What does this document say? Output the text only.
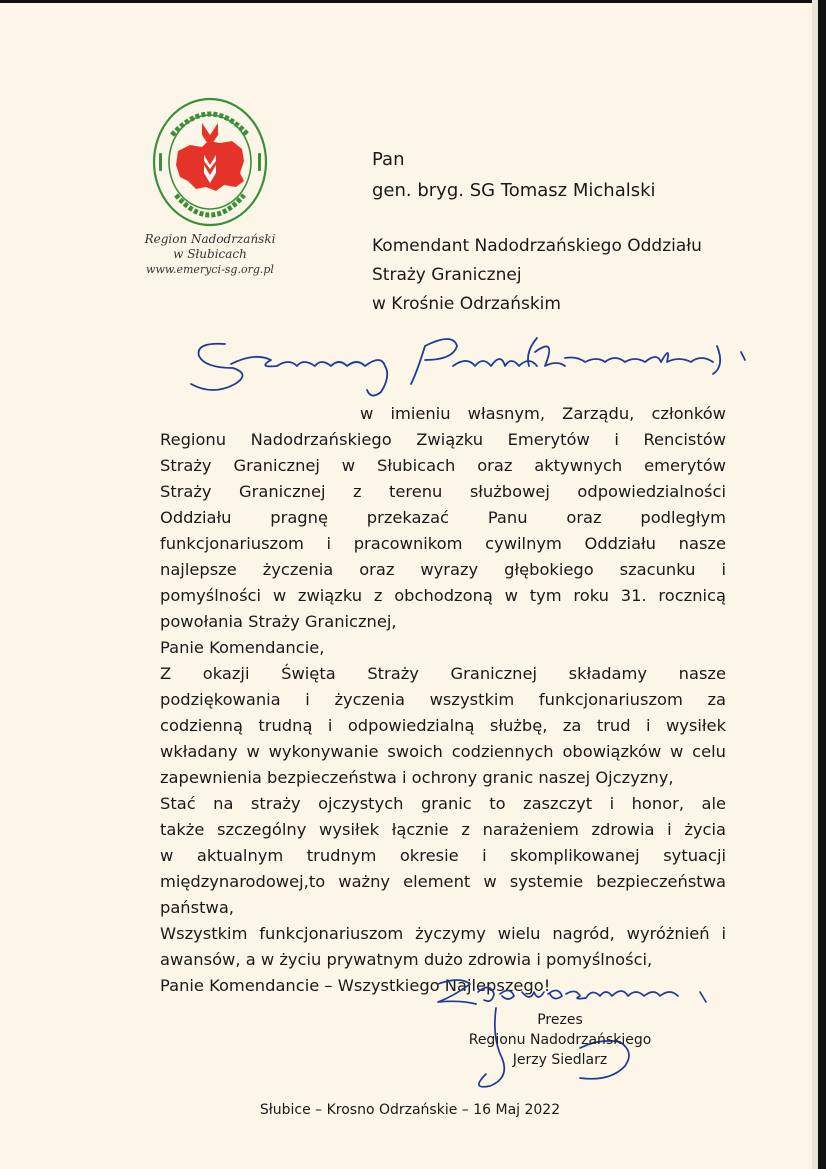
Region Nadodrzański
w Słubicach
www.emeryci-sg.org.pl
Pan
gen. bryg. SG Tomasz Michalski
Komendant Nadodrzańskiego Oddziału
Straży Granicznej
w Krośnie Odrzańskim

w imieniu własnym, Zarządu, członków

Regionu Nadodrzańskiego Związku Emerytów i Rencistów

Straży Granicznej w Słubicach oraz aktywnych emerytów

Straży Granicznej z terenu służbowej odpowiedzialności

Oddziału pragnę przekazać Panu oraz podległym

funkcjonariuszom i pracownikom cywilnym Oddziału nasze

najlepsze życzenia oraz wyrazy głębokiego szacunku i

pomyślności w związku z obchodzoną w tym roku 31. rocznicą

powołania Straży Granicznej,

Panie Komendancie,

Z okazji Święta Straży Granicznej składamy nasze

podziękowania i życzenia wszystkim funkcjonariuszom za

codzienną trudną i odpowiedzialną służbę, za trud i wysiłek

wkładany w wykonywanie swoich codziennych obowiązków w celu

zapewnienia bezpieczeństwa i ochrony granic naszej Ojczyzny,

Stać na straży ojczystych granic to zaszczyt i honor, ale

także szczególny wysiłek łącznie z narażeniem zdrowia i życia

w aktualnym trudnym okresie i skomplikowanej sytuacji

międzynarodowej,to ważny element w systemie bezpieczeństwa

państwa,

Wszystkim funkcjonariuszom życzymy wielu nagród, wyróżnień i

awansów, a w życiu prywatnym dużo zdrowia i pomyślności,

Panie Komendancie – Wszystkiego Najlepszego!

Prezes
Regionu Nadodrzańskiego
Jerzy Siedlarz
Słubice – Krosno Odrzańskie – 16 Maj 2022
